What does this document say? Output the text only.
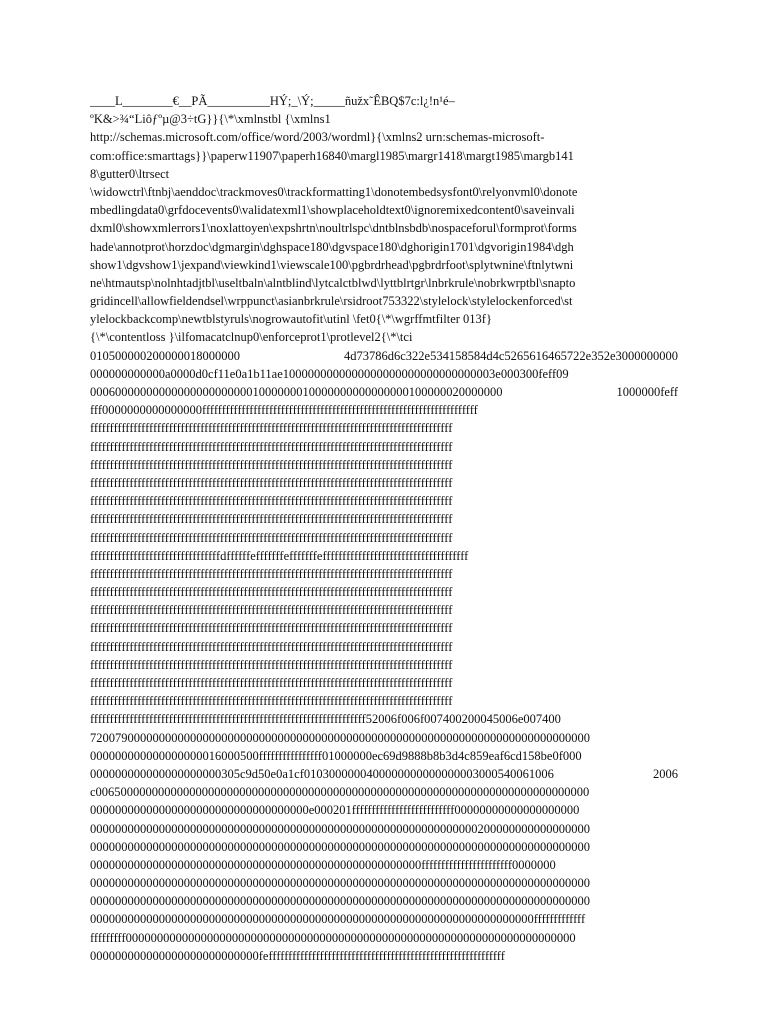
____L________€__PÃ__________HÝ;_\Ý;_____ñužx˜ÊBQ$7c:l¿!n¹é–
ºK&>¾“Liôƒºµ@3÷tG}}{\*\xmlnstbl {\xmlns1
http://schemas.microsoft.com/office/word/2003/wordml}{\xmlns2 urn:schemas-microsoft-
com:office:smarttags}}\paperw11907\paperh16840\margl1985\margr1418\margt1985\margb141
8\gutter0\ltrsect
\widowctrl\ftnbj\aenddoc\trackmoves0\trackformatting1\donotembedsysfont0\relyonvml0\donote
mbedlingdata0\grfdocevents0\validatexml1\showplaceholdtext0\ignoremixedcontent0\saveinvali
dxml0\showxmlerrors1\noxlattoyen\expshrtn\noultrlspc\dntblnsbdb\nospaceforul\formprot\forms
hade\annotprot\horzdoc\dgmargin\dghspace180\dgvspace180\dghorigin1701\dgvorigin1984\dgh
show1\dgvshow1\jexpand\viewkind1\viewscale100\pgbrdrhead\pgbrdrfoot\splytwnine\ftnlytwni
ne\htmautsp\nolnhtadjtbl\useltbaln\alntblind\lytcalctblwd\lyttblrtgr\lnbrkrule\nobrkwrptbl\snapto
gridincell\allowfieldendsel\wrppunct\asianbrkrule\rsidroot753322\stylelock\stylelockenforced\st
ylelockbackcomp\newtblstyruls\nogrowautofit\utinl \fet0{\*\wgrffmtfilter 013f}
{\*\contentloss }\ilfomacatclnup0\enforceprot1\protlevel2{\*\tci
010500000200000018000000 4d73786d6c322e534158584d4c5265616465722e352e3000000000
000000000000a0000d0cf11e0a1b11ae1000000000000000000000000000000003e000300feff09
000600000000000000000000001000000010000000000000000100000020000000 1000000feff
fff0000000000000000ffffffffffffffffffffffffffffffffffffffffffffffffffffffffffffffffffffff
ffffffffffffffffffffffffffffffffffffffffffffffffffffffffffffffffffffffffffffffffffffffffffff
ffffffffffffffffffffffffffffffffffffffffffffffffffffffffffffffffffffffffffffffffffffffffffff
ffffffffffffffffffffffffffffffffffffffffffffffffffffffffffffffffffffffffffffffffffffffffffff
ffffffffffffffffffffffffffffffffffffffffffffffffffffffffffffffffffffffffffffffffffffffffffff
ffffffffffffffffffffffffffffffffffffffffffffffffffffffffffffffffffffffffffffffffffffffffffff
ffffffffffffffffffffffffffffffffffffffffffffffffffffffffffffffffffffffffffffffffffffffffffff
ffffffffffffffffffffffffffffffffffffffffffffffffffffffffffffffffffffffffffffffffffffffffffff
fffffffffffffffffffffffffffffffffdffffffefffffffefffffffefffffffffffffffffffffffffffffffffffff
ffffffffffffffffffffffffffffffffffffffffffffffffffffffffffffffffffffffffffffffffffffffffffff
ffffffffffffffffffffffffffffffffffffffffffffffffffffffffffffffffffffffffffffffffffffffffffff
ffffffffffffffffffffffffffffffffffffffffffffffffffffffffffffffffffffffffffffffffffffffffffff
ffffffffffffffffffffffffffffffffffffffffffffffffffffffffffffffffffffffffffffffffffffffffffff
ffffffffffffffffffffffffffffffffffffffffffffffffffffffffffffffffffffffffffffffffffffffffffff
ffffffffffffffffffffffffffffffffffffffffffffffffffffffffffffffffffffffffffffffffffffffffffff
ffffffffffffffffffffffffffffffffffffffffffffffffffffffffffffffffffffffffffffffffffffffffffff
ffffffffffffffffffffffffffffffffffffffffffffffffffffffffffffffffffffffffffffffffffffffffffff
ffffffffffffffffffffffffffffffffffffffffffffffffffffffffffffffffffffff52006f006f007400200045006e007400
72007900000000000000000000000000000000000000000000000000000000000000000000000000
000000000000000000016000500ffffffffffffffff01000000ec69d9888b8b3d4c859eaf6cd158be0f000
000000000000000000000305c9d50e0a1cf0103000000400000000000000003000540061006 2006
c0065000000000000000000000000000000000000000000000000000000000000000000000000000
00000000000000000000000000000000000e000201ffffffffffffffffffffffffff00000000000000000000
00000000000000000000000000000000000000000000000000000000000000200000000000000000
00000000000000000000000000000000000000000000000000000000000000000000000000000000
00000000000000000000000000000000000000000000000000000fffffffffffffffffffffff0000000
00000000000000000000000000000000000000000000000000000000000000000000000000000000
00000000000000000000000000000000000000000000000000000000000000000000000000000000
00000000000000000000000000000000000000000000000000000000000000000000000fffffffffffff
fffffffff000000000000000000000000000000000000000000000000000000000000000000000000
000000000000000000000000000feffffffffffffffffffffffffffffffffffffffffffffffffffffffffffff
